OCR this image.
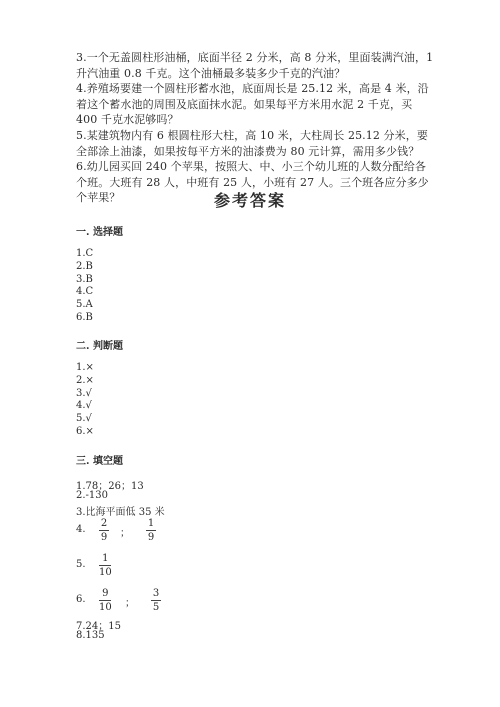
3.一个无盖圆柱形油桶，底面半径 2 分米，高 8 分米，里面装满汽油，1 升汽油重 0.8 千克。这个油桶最多装多少千克的汽油？
4.养殖场要建一个圆柱形蓄水池，底面周长是 25.12 米，高是 4 米，沿着这个蓄水池的周围及底面抹水泥。如果每平方米用水泥 2 千克，买 400 千克水泥够吗？
5.某建筑物内有 6 根圆柱形大柱，高 10 米，大柱周长 25.12 分米，要全部涂上油漆，如果按每平方米的油漆费为 80 元计算，需用多少钱？
6.幼儿园买回 240 个苹果，按照大、中、小三个幼儿班的人数分配给各个班。大班有 28 人，中班有 25 人，小班有 27 人。三个班各应分多少个苹果？	参考答案
一. 选择题
1.C
2.B
3.B
4.C
5.A
6.B
二. 判断题
1.×
2.×
3.√
4.√
5.√
6.×
三. 填空题
1.78；26；13
2.-130
3.比海平面低 35 米
4.
2
9 ；
1
9
5.
1
10
6.
9
10 ；
3
5
7.24；15
8.135
